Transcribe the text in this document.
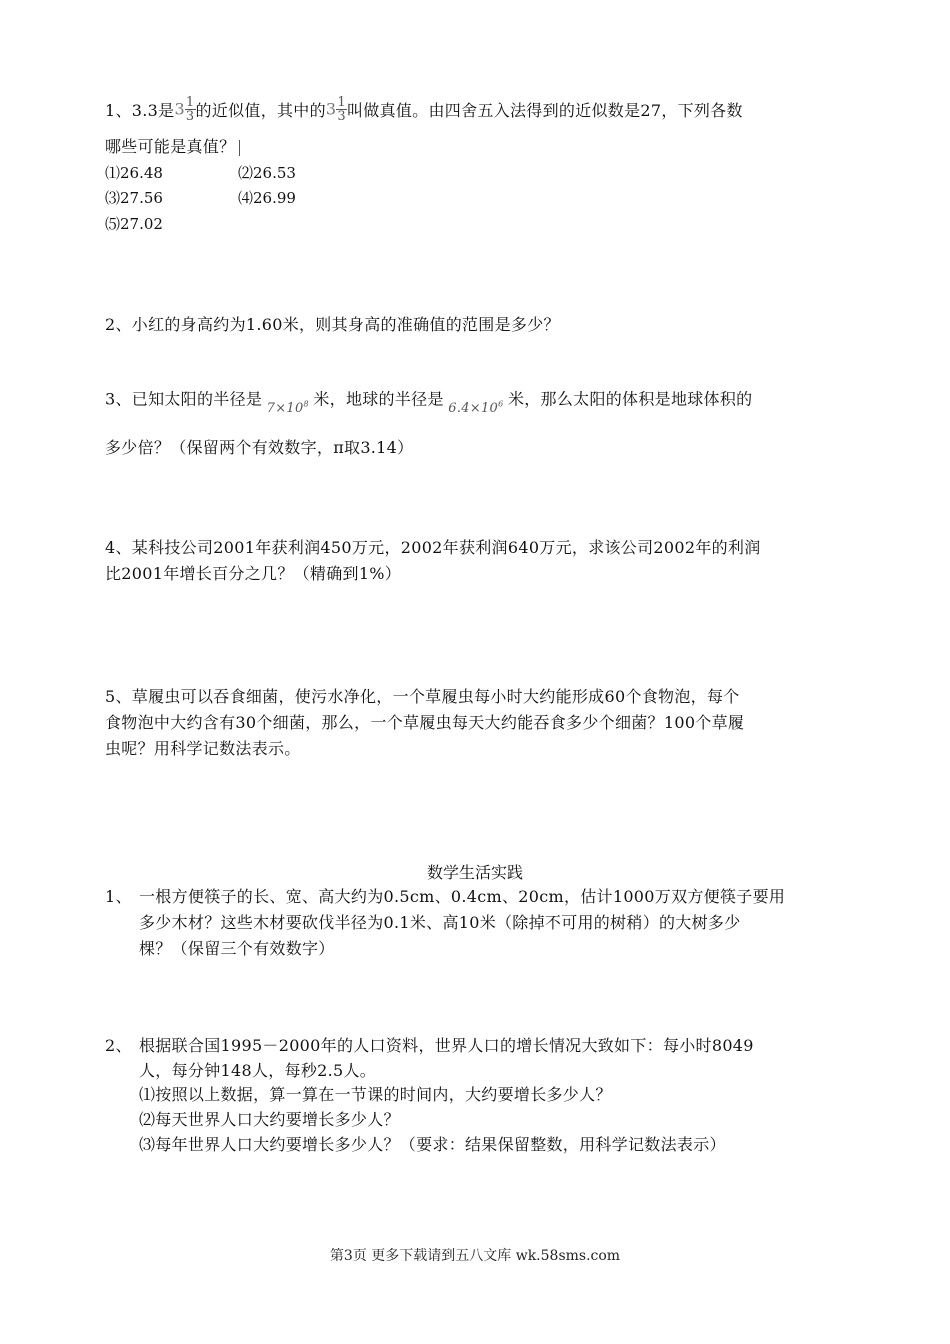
1、3.3是$3 \frac{1}{3}$ 的近似值，其中的$3 \frac{1}{3}$ 叫做真值。由四舍五入法得到的近似数是27，下列各数
哪些可能是真值？
⑴26.48	⑵26.53
⑶27.56	⑷26.99
⑸27.02
2、小红的身高约为1.60米，则其身高的准确值的范围是多少？
3、已知太阳的半径是 $_{7\times 10^8}$ 米，地球的半径是 $_{6.4\times 10^6}$ 米，那么太阳的体积是地球体积的
多少倍？（保留两个有效数字，π取3.14）
4、某科技公司2001年获利润450万元，2002年获利润640万元，求该公司2002年的利润
比2001年增长百分之几？（精确到1%）
5、草履虫可以吞食细菌，使污水净化，一个草履虫每小时大约能形成60个食物泡，每个
食物泡中大约含有30个细菌，那么，一个草履虫每天大约能吞食多少个细菌？100个草履
虫呢？用科学记数法表示。
数学生活实践
1、 一根方便筷子的长、宽、高大约为0.5cm、0.4cm、20cm，估计1000万双方便筷子要用
多少木材？这些木材要砍伐半径为0.1米、高10米（除掉不可用的树稍）的大树多少
棵？（保留三个有效数字）
2、 根据联合国1995－2000年的人口资料，世界人口的增长情况大致如下：每小时8049
人，每分钟148人，每秒2.5人。
⑴按照以上数据，算一算在一节课的时间内，大约要增长多少人？
⑵每天世界人口大约要增长多少人？
⑶每年世界人口大约要增长多少人？（要求：结果保留整数，用科学记数法表示）
第3页 更多下载请到五八文库 wk.58sms.com
